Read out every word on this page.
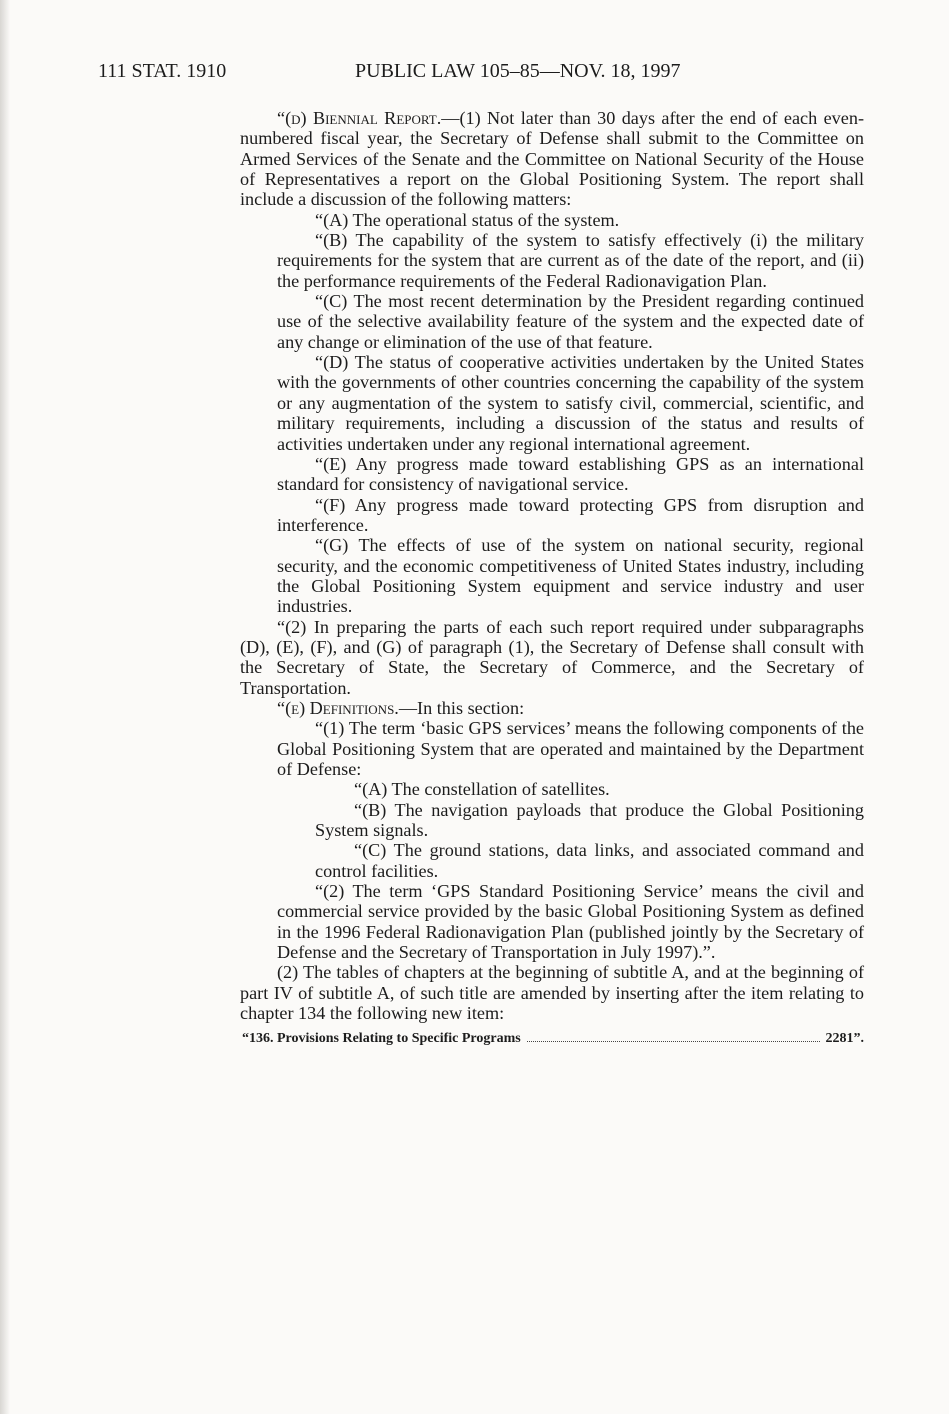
111 STAT. 1910	PUBLIC LAW 105–85—NOV. 18, 1997

“(d) Biennial Report.—(1) Not later than 30 days after the end of each even-numbered fiscal year, the Secretary of Defense shall submit to the Committee on Armed Services of the Senate and the Committee on National Security of the House of Representatives a report on the Global Positioning System. The report shall include a discussion of the following matters:

“(A) The operational status of the system.

“(B) The capability of the system to satisfy effectively (i) the military requirements for the system that are current as of the date of the report, and (ii) the performance requirements of the Federal Radionavigation Plan.

“(C) The most recent determination by the President regarding continued use of the selective availability feature of the system and the expected date of any change or elimination of the use of that feature.

“(D) The status of cooperative activities undertaken by the United States with the governments of other countries concerning the capability of the system or any augmentation of the system to satisfy civil, commercial, scientific, and military requirements, including a discussion of the status and results of activities undertaken under any regional international agreement.

“(E) Any progress made toward establishing GPS as an international standard for consistency of navigational service.

“(F) Any progress made toward protecting GPS from disruption and interference.

“(G) The effects of use of the system on national security, regional security, and the economic competitiveness of United States industry, including the Global Positioning System equipment and service industry and user industries.

“(2) In preparing the parts of each such report required under subparagraphs (D), (E), (F), and (G) of paragraph (1), the Secretary of Defense shall consult with the Secretary of State, the Secretary of Commerce, and the Secretary of Transportation.

“(e) Definitions.—In this section:

“(1) The term ‘basic GPS services’ means the following components of the Global Positioning System that are operated and maintained by the Department of Defense:

“(A) The constellation of satellites.

“(B) The navigation payloads that produce the Global Positioning System signals.

“(C) The ground stations, data links, and associated command and control facilities.

“(2) The term ‘GPS Standard Positioning Service’ means the civil and commercial service provided by the basic Global Positioning System as defined in the 1996 Federal Radionavigation Plan (published jointly by the Secretary of Defense and the Secretary of Transportation in July 1997).”.

(2) The tables of chapters at the beginning of subtitle A, and at the beginning of part IV of subtitle A, of such title are amended by inserting after the item relating to chapter 134 the following new item:

“136. Provisions Relating to Specific Programs	2281”.
